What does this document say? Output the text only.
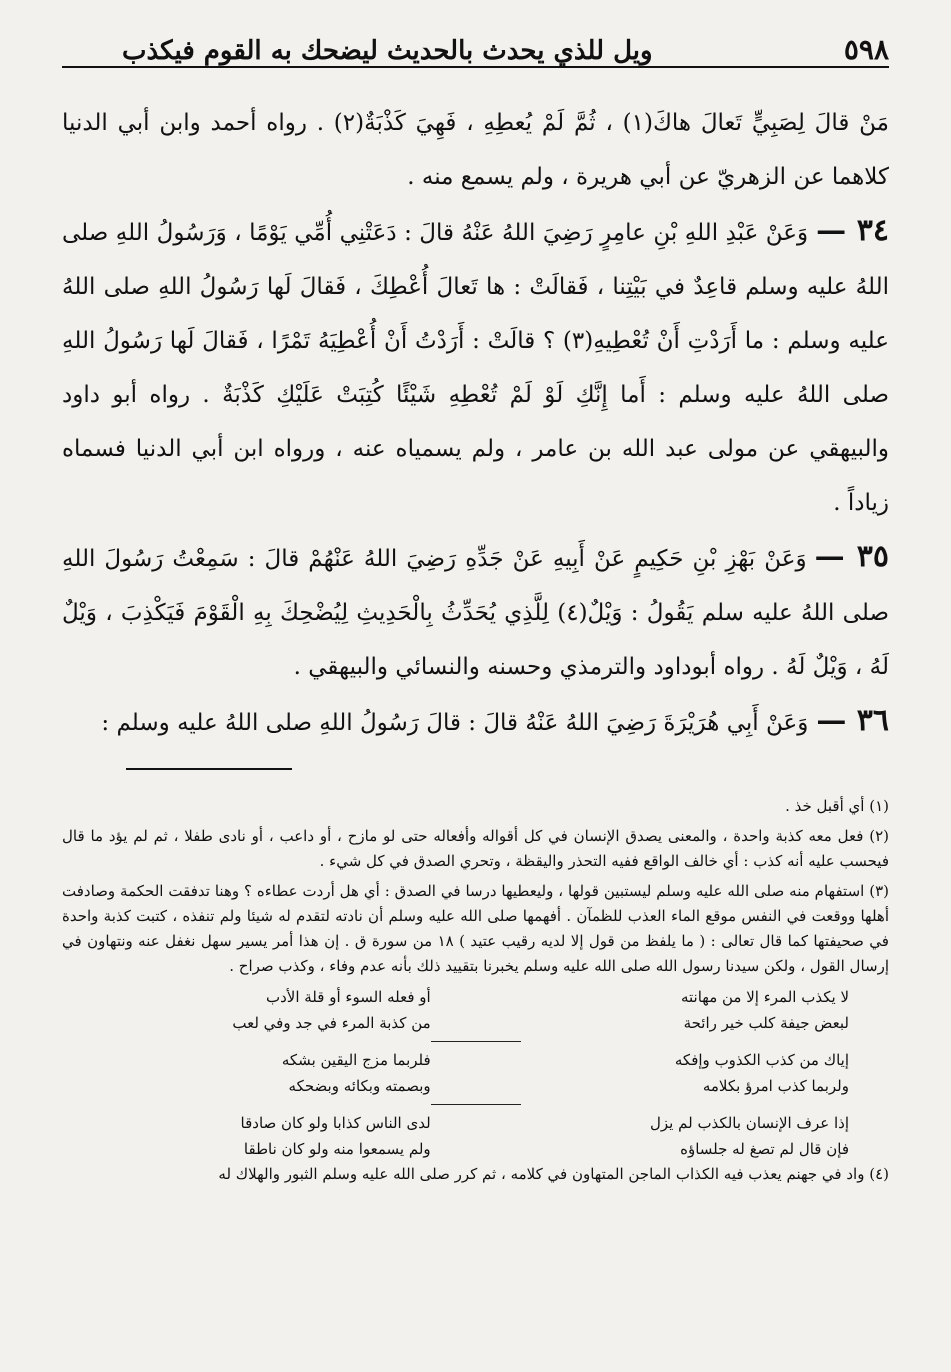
٥٩٨
ويل للذي يحدث بالحديث ليضحك به القوم فيكذب

مَنْ قالَ لِصَبِيٍّ تَعالَ هاكَ(١) ، ثُمَّ لَمْ يُعطِهِ ، فَهِيَ كَذْبَةٌ(٢) . رواه أحمد وابن أبي الدنيا كلاهما عن الزهريّ عن أبي هريرة ، ولم يسمع منه .

٣٤ —وَعَنْ عَبْدِ اللهِ بْنِ عامِرٍ رَضِيَ اللهُ عَنْهُ قالَ : دَعَتْنِي أُمِّي يَوْمًا ، وَرَسُولُ اللهِ صلى اللهُ عليه وسلم قاعِدٌ في بَيْتِنا ، فَقالَتْ : ها تَعالَ أُعْطِكَ ، فَقالَ لَها رَسُولُ اللهِ صلى اللهُ عليه وسلم : ما أَرَدْتِ أَنْ تُعْطِيهِ(٣) ؟ قالَتْ : أَرَدْتُ أَنْ أُعْطِيَهُ تَمْرًا ، فَقالَ لَها رَسُولُ اللهِ صلى اللهُ عليه وسلم : أَما إِنَّكِ لَوْ لَمْ تُعْطِهِ شَيْئًا كُتِبَتْ عَلَيْكِ كَذْبَةٌ . رواه أبو داود والبيهقي عن مولى عبد الله بن عامر ، ولم يسمياه عنه ، ورواه ابن أبي الدنيا فسماه زياداً .

٣٥ —وَعَنْ بَهْزِ بْنِ حَكِيمٍ عَنْ أَبِيهِ عَنْ جَدِّهِ رَضِيَ اللهُ عَنْهُمْ قالَ : سَمِعْتُ رَسُولَ اللهِ صلى اللهُ عليه سلم يَقُولُ : وَيْلٌ(٤) لِلَّذِي يُحَدِّثُ بِالْحَدِيثِ لِيُضْحِكَ بِهِ الْقَوْمَ فَيَكْذِبَ ، وَيْلٌ لَهُ ، وَيْلٌ لَهُ . رواه أبوداود والترمذي وحسنه والنسائي والبيهقي .

٣٦ —وَعَنْ أَبِي هُرَيْرَةَ رَضِيَ اللهُ عَنْهُ قالَ : قالَ رَسُولُ اللهِ صلى اللهُ عليه وسلم :

(١) أي أقبل خذ .

(٢) فعل معه كذبة واحدة ، والمعنى يصدق الإنسان في كل أقواله وأفعاله حتى لو مازح ، أو داعب ، أو نادى طفلا ، ثم لم يؤد ما قال فيحسب عليه أنه كذب : أي خالف الواقع ففيه التحذر واليقظة ، وتحري الصدق في كل شيء .

(٣) استفهام منه صلى الله عليه وسلم ليستبين قولها ، وليعطيها درسا في الصدق : أي هل أردت عطاءه ؟ وهنا تدفقت الحكمة وصادفت أهلها ووقعت في النفس موقع الماء العذب للظمآن . أفهمها صلى الله عليه وسلم أن نادته لتقدم له شيئا ولم تنفذه ، كتبت كذبة واحدة في صحيفتها كما قال تعالى : ( ما يلفظ من قول إلا لديه رقيب عتيد ) ١٨ من سورة ق . إن هذا أمر يسير سهل نغفل عنه ونتهاون في إرسال القول ، ولكن سيدنا رسول الله صلى الله عليه وسلم يخبرنا بتقييد ذلك بأنه عدم وفاء ، وكذب صراح .

لا يكذب المرء إلا من مهانته
أو فعله السوء أو قلة الأدب
لبعض جيفة كلب خير رائحة
من كذبة المرء في جد وفي لعب
إياك من كذب الكذوب وإفكه
فلربما مزج اليقين بشكه
ولربما كذب امرؤ بكلامه
وبصمته وبكائه وبضحكه
إذا عرف الإنسان بالكذب لم يزل
لدى الناس كذابا ولو كان صادقا
فإن قال لم تصغ له جلساؤه
ولم يسمعوا منه ولو كان ناطقا

(٤) واد في جهنم يعذب فيه الكذاب الماجن المتهاون في كلامه ، ثم كرر صلى الله عليه وسلم الثبور والهلاك له
